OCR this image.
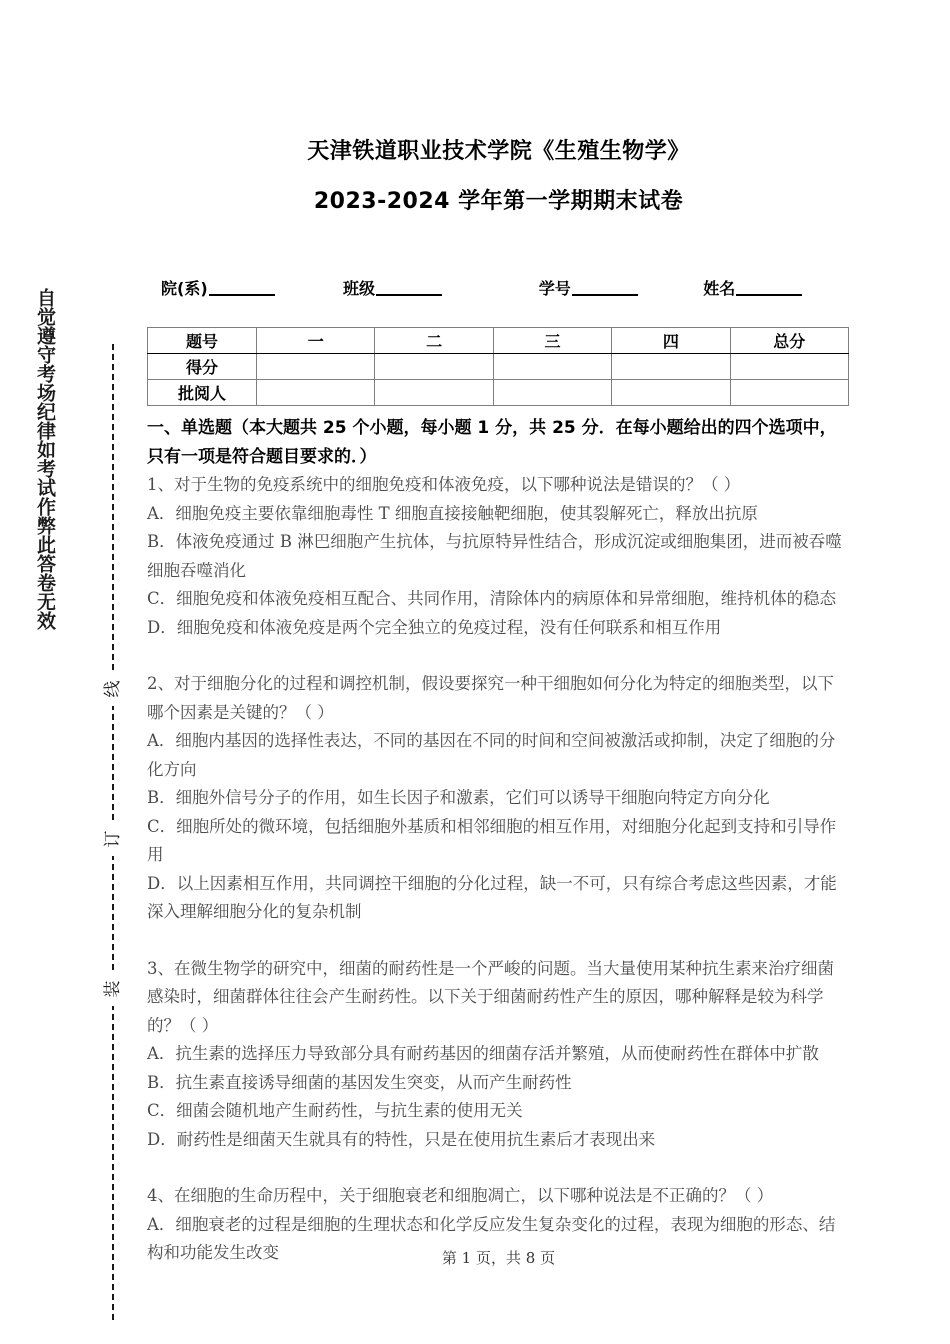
自觉遵守考场纪律如考试作弊此答卷无效
线
订
装
天津铁道职业技术学院《生殖生物学》
2023-2024 学年第一学期期末试卷
院(系)	班级	学号	姓名
题号	一	二	三	四	总分
得分					
批阅人					
一、单选题（本大题共 25 个小题，每小题 1 分，共 25 分．在每小题给出的四个选项中，只有一项是符合题目要求的．）
1、对于生物的免疫系统中的细胞免疫和体液免疫，以下哪种说法是错误的？（ ）
A．细胞免疫主要依靠细胞毒性 T 细胞直接接触靶细胞，使其裂解死亡，释放出抗原
B．体液免疫通过 B 淋巴细胞产生抗体，与抗原特异性结合，形成沉淀或细胞集团，进而被吞噬细胞吞噬消化
C．细胞免疫和体液免疫相互配合、共同作用，清除体内的病原体和异常细胞，维持机体的稳态
D．细胞免疫和体液免疫是两个完全独立的免疫过程，没有任何联系和相互作用
2、对于细胞分化的过程和调控机制，假设要探究一种干细胞如何分化为特定的细胞类型，以下哪个因素是关键的？（ ）
A．细胞内基因的选择性表达，不同的基因在不同的时间和空间被激活或抑制，决定了细胞的分化方向
B．细胞外信号分子的作用，如生长因子和激素，它们可以诱导干细胞向特定方向分化
C．细胞所处的微环境，包括细胞外基质和相邻细胞的相互作用，对细胞分化起到支持和引导作用
D．以上因素相互作用，共同调控干细胞的分化过程，缺一不可，只有综合考虑这些因素，才能深入理解细胞分化的复杂机制
3、在微生物学的研究中，细菌的耐药性是一个严峻的问题。当大量使用某种抗生素来治疗细菌感染时，细菌群体往往会产生耐药性。以下关于细菌耐药性产生的原因，哪种解释是较为科学的？（ ）
A．抗生素的选择压力导致部分具有耐药基因的细菌存活并繁殖，从而使耐药性在群体中扩散
B．抗生素直接诱导细菌的基因发生突变，从而产生耐药性
C．细菌会随机地产生耐药性，与抗生素的使用无关
D．耐药性是细菌天生就具有的特性，只是在使用抗生素后才表现出来
4、在细胞的生命历程中，关于细胞衰老和细胞凋亡，以下哪种说法是不正确的？（ ）
A．细胞衰老的过程是细胞的生理状态和化学反应发生复杂变化的过程，表现为细胞的形态、结构和功能发生改变	第 1 页，共 8 页
